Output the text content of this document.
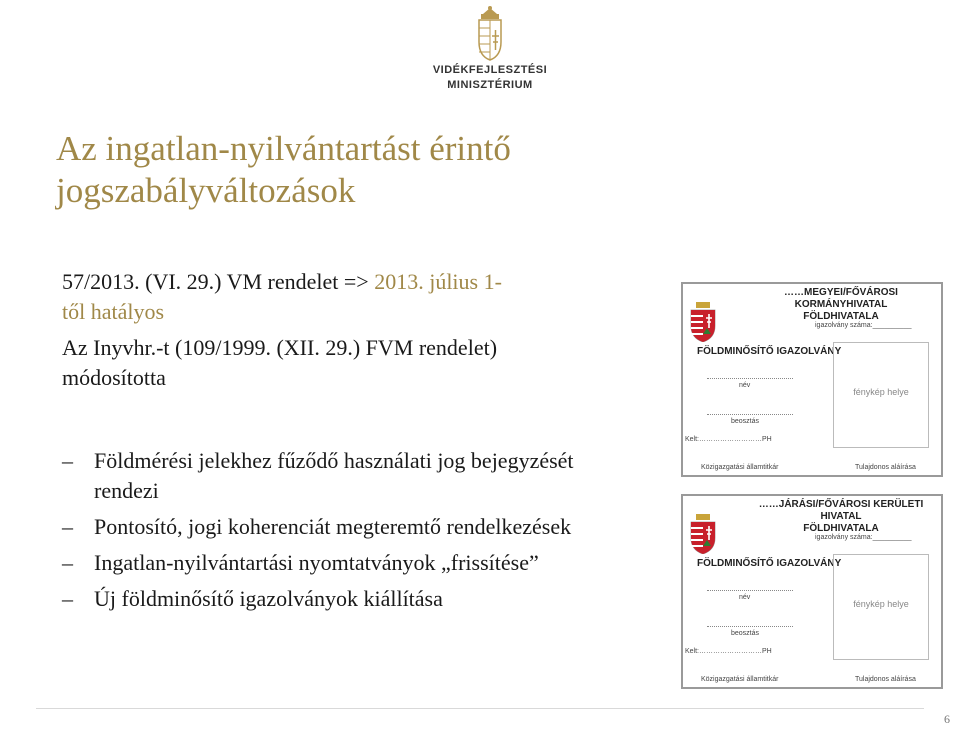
VIDÉKFEJLESZTÉSI
MINISZTÉRIUM
Az ingatlan-nyilvántartást érintő
jogszabályváltozások

57/2013. (VI. 29.) VM rendelet => 2013. július 1-
től hatályos

Az Inyvhr.-t (109/1999. (XII. 29.) FVM rendelet)
módosította

– Földmérési jelekhez fűződő használati jog bejegyzését rendezi
– Pontosító, jogi koherenciát megteremtő rendelkezések
– Ingatlan-nyilvántartási nyomtatványok „frissítése”
– Új földminősítő igazolványok kiállítása
……MEGYEI/FŐVÁROSI KORMÁNYHIVATAL
FÖLDHIVATALA
igazolvány száma:__________
FÖLDMINŐSÍTŐ IGAZOLVÁNY
fénykép helye
név
beosztás
Kelt:………………………PH
Közigazgatási államtitkár	Tulajdonos aláírása
……JÁRÁSI/FŐVÁROSI KERÜLETI HIVATAL
FÖLDHIVATALA
igazolvány száma:__________
FÖLDMINŐSÍTŐ IGAZOLVÁNY
fénykép helye
név
beosztás
Kelt:………………………PH
Közigazgatási államtitkár	Tulajdonos aláírása
6
